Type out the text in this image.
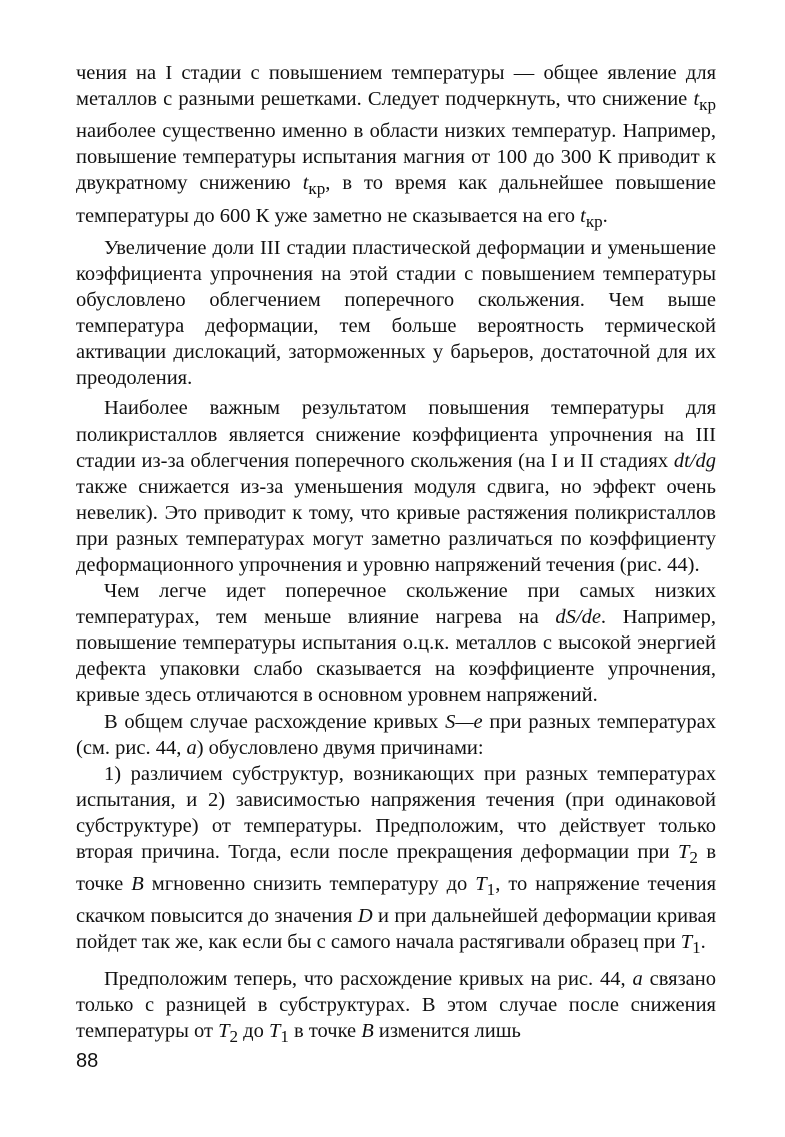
чения на I стадии с повышением температуры — общее явление для металлов с разными решетками. Следует подчеркнуть, что снижение $t_{кр}$ наиболее существенно именно в области низких температур. Например, повышение температуры испытания магния от 100 до 300 К приводит к двукратному снижению $t_{кр}$, в то время как дальнейшее повышение температуры до 600 К уже заметно не сказывается на его $t_{кр}$.

Увеличение доли III стадии пластической деформации и уменьшение коэффициента упрочнения на этой стадии с повышением температуры обусловлено облегчением поперечного скольжения. Чем выше температура деформации, тем больше вероятность термической активации дислокаций, заторможенных у барьеров, достаточной для их преодоления.

Наиболее важным результатом повышения температуры для поликристаллов является снижение коэффициента упрочнения на III стадии из-за облегчения поперечного скольжения (на I и II стадиях dt/dg также снижается из-за уменьшения модуля сдвига, но эффект очень невелик). Это приводит к тому, что кривые растяжения поликристаллов при разных температурах могут заметно различаться по коэффициенту деформационного упрочнения и уровню напряжений течения (рис. 44).

Чем легче идет поперечное скольжение при самых низких температурах, тем меньше влияние нагрева на dS/de. Например, повышение температуры испытания о.ц.к. металлов с высокой энергией дефекта упаковки слабо сказывается на коэффициенте упрочнения, кривые здесь отличаются в основном уровнем напряжений.

В общем случае расхождение кривых S—e при разных температурах (см. рис. 44, а) обусловлено двумя причинами:

1) различием субструктур, возникающих при разных температурах испытания, и 2) зависимостью напряжения течения (при одинаковой субструктуре) от температуры. Предположим, что действует только вторая причина. Тогда, если после прекращения деформации при $T_2$ в точке B мгновенно снизить температуру до $T_1$, то напряжение течения скачком повысится до значения D и при дальнейшей деформации кривая пойдет так же, как если бы с самого начала растягивали образец при $T_1$.

Предположим теперь, что расхождение кривых на рис. 44, а связано только с разницей в субструктурах. В этом случае после снижения температуры от $T_2$ до $T_1$ в точке B изменится лишь

88
